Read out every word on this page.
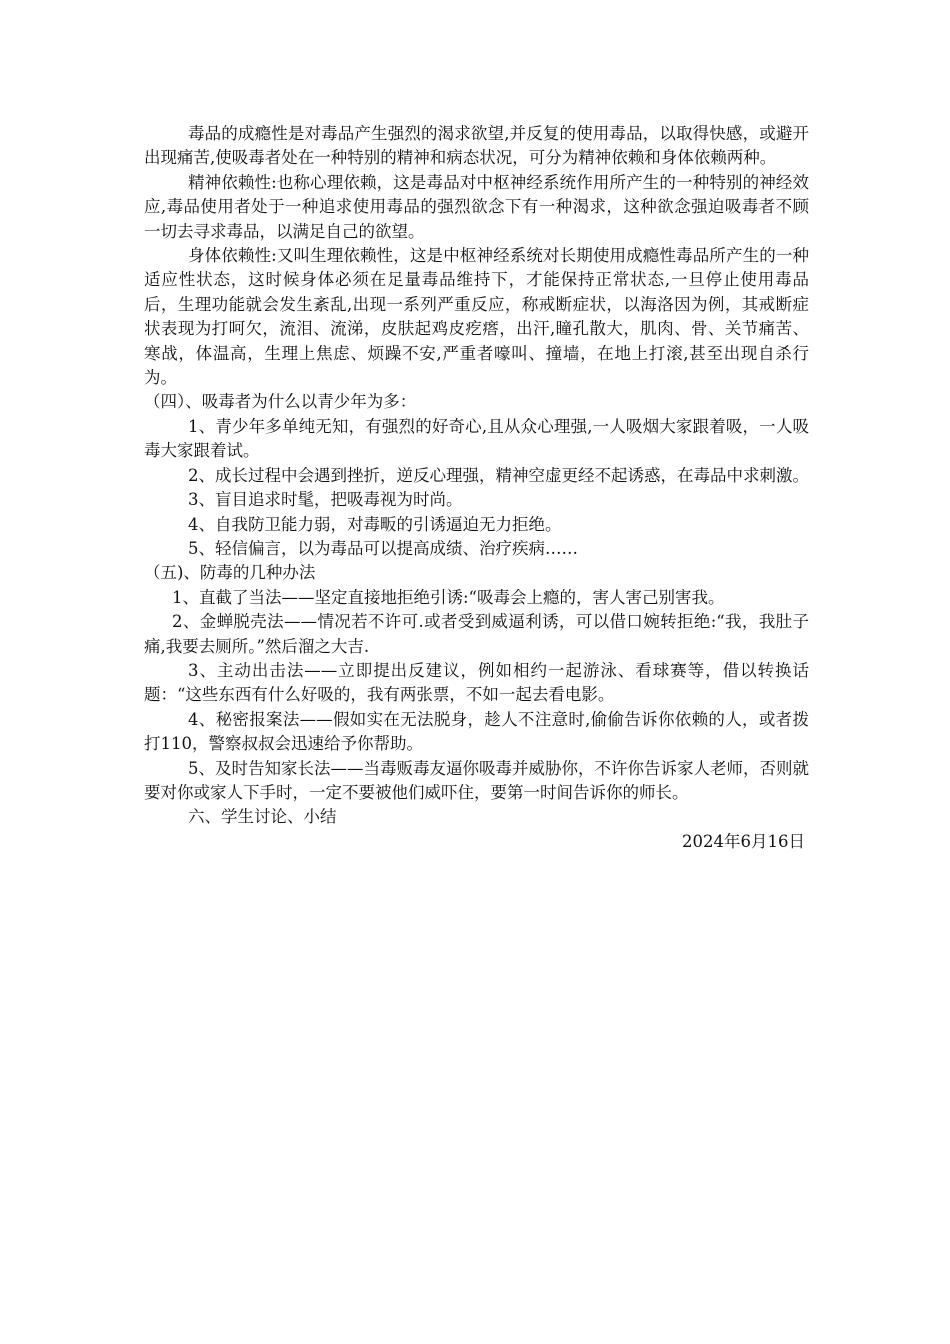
毒品的成瘾性是对毒品产生强烈的渴求欲望,并反复的使用毒品，以取得快感，或避开出现痛苦,使吸毒者处在一种特别的精神和病态状况，可分为精神依赖和身体依赖两种。

精神依赖性:也称心理依赖，这是毒品对中枢神经系统作用所产生的一种特别的神经效应,毒品使用者处于一种追求使用毒品的强烈欲念下有一种渴求，这种欲念强迫吸毒者不顾一切去寻求毒品，以满足自己的欲望。

身体依赖性:又叫生理依赖性，这是中枢神经系统对长期使用成瘾性毒品所产生的一种适应性状态，这时候身体必须在足量毒品维持下，才能保持正常状态,一旦停止使用毒品后，生理功能就会发生紊乱,出现一系列严重反应，称戒断症状，以海洛因为例，其戒断症状表现为打呵欠，流泪、流涕，皮肤起鸡皮疙瘩，出汗,瞳孔散大，肌肉、骨、关节痛苦、寒战，体温高，生理上焦虑、烦躁不安,严重者嚎叫、撞墙，在地上打滚,甚至出现自杀行为。

（四）、吸毒者为什么以青少年为多：

1、青少年多单纯无知，有强烈的好奇心,且从众心理强,一人吸烟大家跟着吸，一人吸毒大家跟着试。

2、成长过程中会遇到挫折，逆反心理强，精神空虚更经不起诱惑，在毒品中求刺激。

3、盲目追求时髦，把吸毒视为时尚。

4、自我防卫能力弱，对毒畈的引诱逼迫无力拒绝。

5、轻信偏言，以为毒品可以提高成绩、治疗疾病……

（五)、防毒的几种办法

1、直截了当法——坚定直接地拒绝引诱:“吸毒会上瘾的，害人害己别害我。

2、金蝉脱壳法——情况若不许可.或者受到威逼利诱，可以借口婉转拒绝:“我，我肚子痛,我要去厕所。”然后溜之大吉.

3、主动出击法——立即提出反建议，例如相约一起游泳、看球赛等，借以转换话题：“这些东西有什么好吸的，我有两张票，不如一起去看电影。

4、秘密报案法——假如实在无法脱身，趁人不注意时,偷偷告诉你依赖的人，或者拨打110，警察叔叔会迅速给予你帮助。

5、及时告知家长法——当毒贩毒友逼你吸毒并威胁你，不许你告诉家人老师，否则就要对你或家人下手时，一定不要被他们威吓住，要第一时间告诉你的师长。

六、学生讨论、小结

2024年6月16日
